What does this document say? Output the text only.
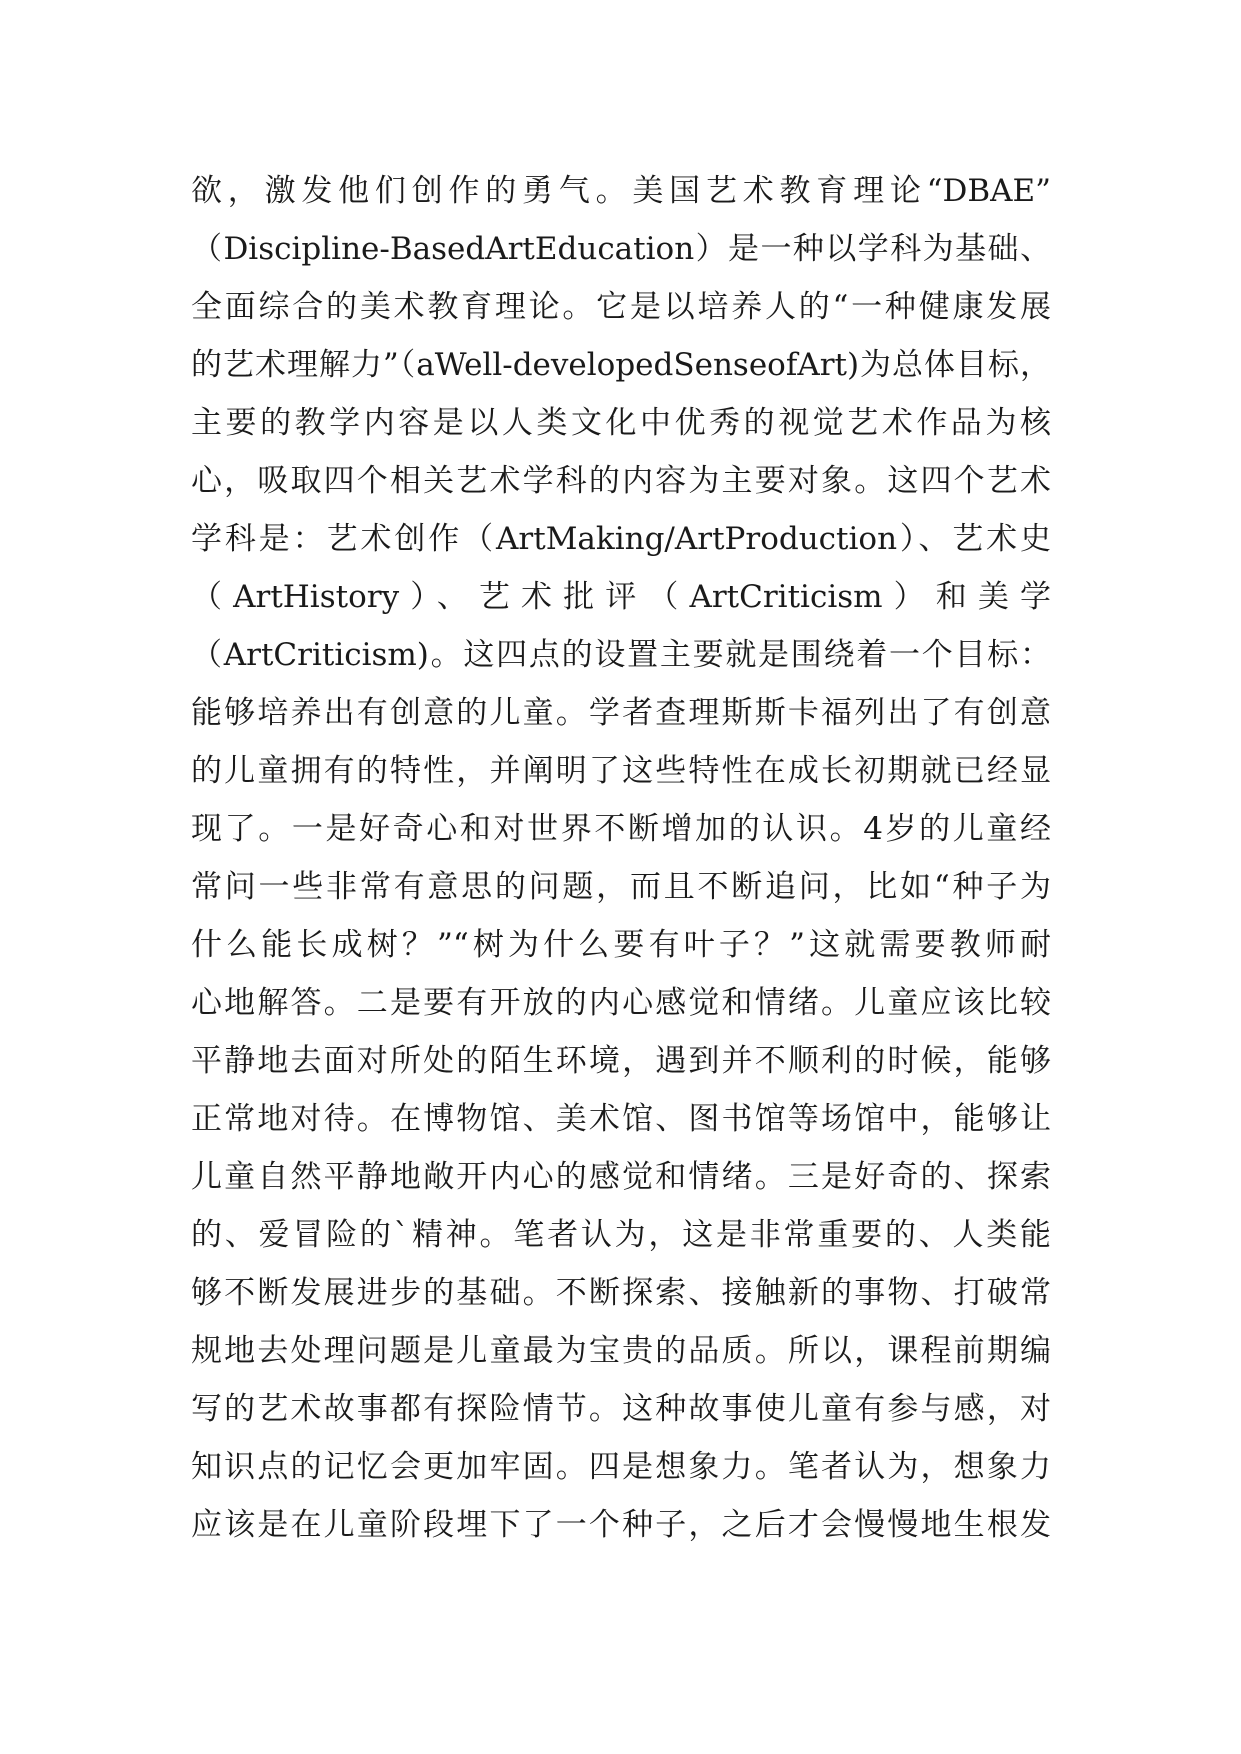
欲，激发他们创作的勇气。美国艺术教育理论“DBAE”
（Discipline-BasedArtEducation）是一种以学科为基础、
全面综合的美术教育理论。它是以培养人的“一种健康发展
的艺术理解力”（aWell-developedSenseofArt)为总体目标，
主要的教学内容是以人类文化中优秀的视觉艺术作品为核
心，吸取四个相关艺术学科的内容为主要对象。这四个艺术
学科是：艺术创作（ArtMaking/ArtProduction）、艺术史
（ArtHistory）、艺术批评（ArtCriticism）和美学
（ArtCriticism)。这四点的设置主要就是围绕着一个目标：
能够培养出有创意的儿童。学者查理斯斯卡福列出了有创意
的儿童拥有的特性，并阐明了这些特性在成长初期就已经显
现了。一是好奇心和对世界不断增加的认识。4岁的儿童经
常问一些非常有意思的问题，而且不断追问，比如“种子为
什么能长成树？”“树为什么要有叶子？”这就需要教师耐
心地解答。二是要有开放的内心感觉和情绪。儿童应该比较
平静地去面对所处的陌生环境，遇到并不顺利的时候，能够
正常地对待。在博物馆、美术馆、图书馆等场馆中，能够让
儿童自然平静地敞开内心的感觉和情绪。三是好奇的、探索
的、爱冒险的`精神。笔者认为，这是非常重要的、人类能
够不断发展进步的基础。不断探索、接触新的事物、打破常
规地去处理问题是儿童最为宝贵的品质。所以，课程前期编
写的艺术故事都有探险情节。这种故事使儿童有参与感，对
知识点的记忆会更加牢固。四是想象力。笔者认为，想象力
应该是在儿童阶段埋下了一个种子，之后才会慢慢地生根发
